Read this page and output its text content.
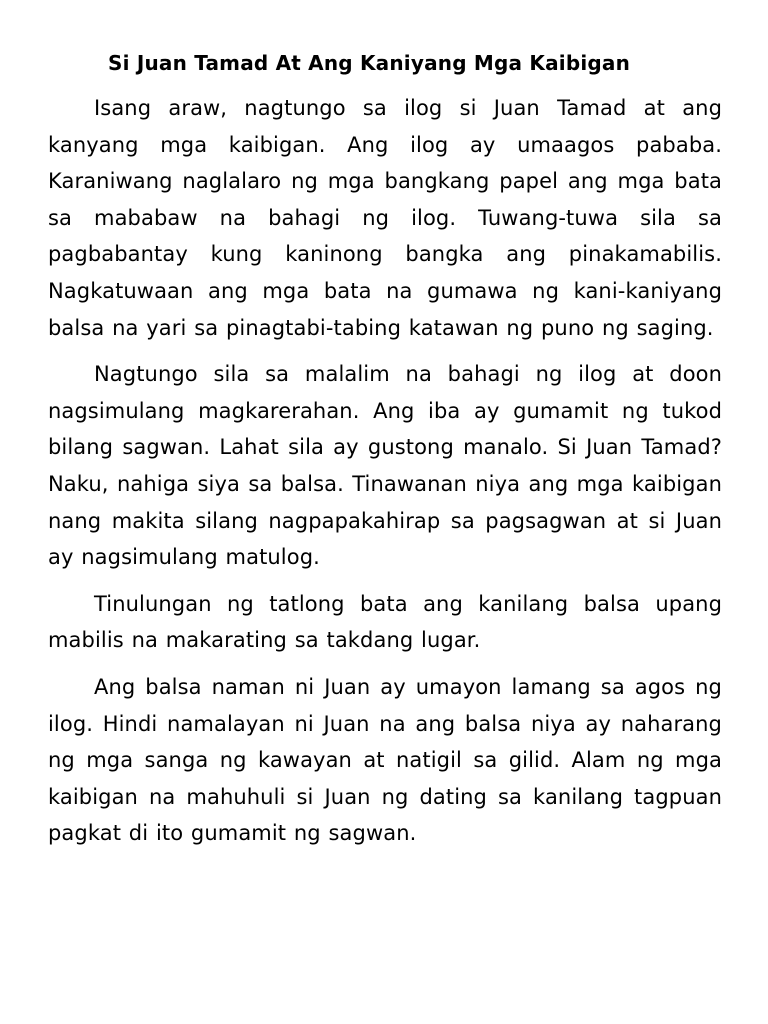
Si Juan Tamad At Ang Kaniyang Mga Kaibigan

Isang araw, nagtungo sa ilog si Juan Tamad at ang kanyang mga kaibigan. Ang ilog ay umaagos pababa. Karaniwang naglalaro ng mga bangkang papel ang mga bata sa mababaw na bahagi ng ilog. Tuwang-tuwa sila sa pagbabantay kung kaninong bangka ang pinakamabilis. Nagkatuwaan ang mga bata na gumawa ng kani-kaniyang balsa na yari sa pinagtabi-tabing katawan ng puno ng saging.

Nagtungo sila sa malalim na bahagi ng ilog at doon nagsimulang magkarerahan. Ang iba ay gumamit ng tukod bilang sagwan. Lahat sila ay gustong manalo. Si Juan Tamad? Naku, nahiga siya sa balsa. Tinawanan niya ang mga kaibigan nang makita silang nagpapakahirap sa pagsagwan at si Juan ay nagsimulang matulog.

Tinulungan ng tatlong bata ang kanilang balsa upang mabilis na makarating sa takdang lugar.

Ang balsa naman ni Juan ay umayon lamang sa agos ng ilog. Hindi namalayan ni Juan na ang balsa niya ay naharang ng mga sanga ng kawayan at natigil sa gilid. Alam ng mga kaibigan na mahuhuli si Juan ng dating sa kanilang tagpuan pagkat di ito gumamit ng sagwan.
